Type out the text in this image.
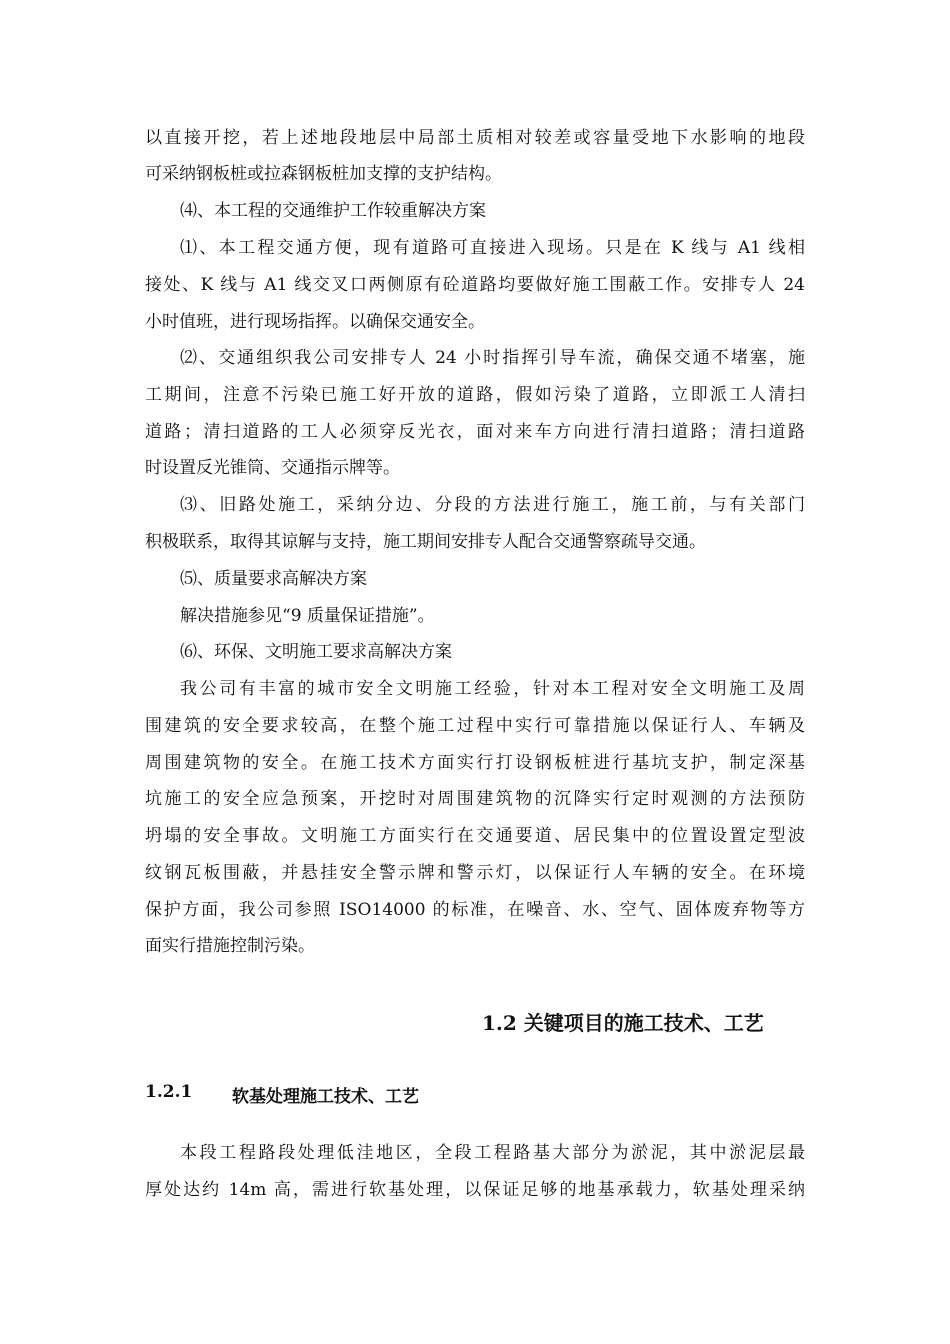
以直接开挖，若上述地段地层中局部土质相对较差或容量受地下水影响的地段
可采纳钢板桩或拉森钢板桩加支撑的支护结构。
⑷、本工程的交通维护工作较重解决方案
⑴、本工程交通方便，现有道路可直接进入现场。只是在 K 线与 A1 线相
接处、K 线与 A1 线交叉口两侧原有砼道路均要做好施工围蔽工作。安排专人 24
小时值班，进行现场指挥。以确保交通安全。
⑵、交通组织我公司安排专人 24 小时指挥引导车流，确保交通不堵塞，施
工期间，注意不污染已施工好开放的道路，假如污染了道路，立即派工人清扫
道路；清扫道路的工人必须穿反光衣，面对来车方向进行清扫道路；清扫道路
时设置反光锥筒、交通指示牌等。
⑶、旧路处施工，采纳分边、分段的方法进行施工，施工前，与有关部门
积极联系，取得其谅解与支持，施工期间安排专人配合交通警察疏导交通。
⑸、质量要求高解决方案
解决措施参见“9 质量保证措施”。
⑹、环保、文明施工要求高解决方案
我公司有丰富的城市安全文明施工经验，针对本工程对安全文明施工及周
围建筑的安全要求较高，在整个施工过程中实行可靠措施以保证行人、车辆及
周围建筑物的安全。在施工技术方面实行打设钢板桩进行基坑支护，制定深基
坑施工的安全应急预案，开挖时对周围建筑物的沉降实行定时观测的方法预防
坍塌的安全事故。文明施工方面实行在交通要道、居民集中的位置设置定型波
纹钢瓦板围蔽，并悬挂安全警示牌和警示灯，以保证行人车辆的安全。在环境
保护方面，我公司参照 ISO14000 的标准，在噪音、水、空气、固体废弃物等方
面实行措施控制污染。
1.2 关键项目的施工技术、工艺
1.2.1 软基处理施工技术、工艺
本段工程路段处理低洼地区，全段工程路基大部分为淤泥，其中淤泥层最
厚处达约 14m 高，需进行软基处理，以保证足够的地基承载力，软基处理采纳
